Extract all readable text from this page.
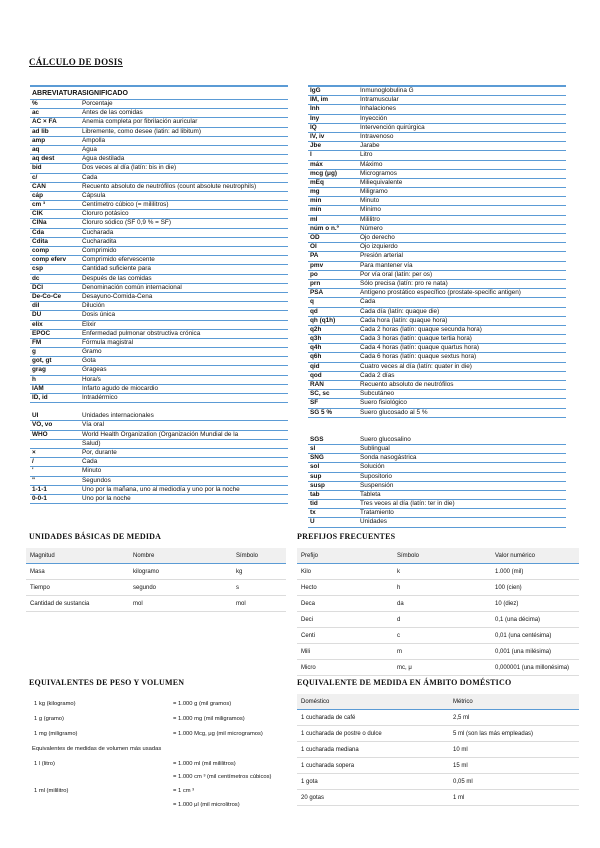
CÁLCULO DE DOSIS
ABREVIATURA SIGNIFICADO
%	Porcentaje
ac	Antes de las comidas
AC × FA	Anemia completa por fibrilación auricular
ad lib	Libremente, como desee (latin: ad libitum)
amp	Ampolla
aq	Agua
aq dest	Agua destilada
bid	Dos veces al día (latín: bis in die)
c/	Cada
CAN	Recuento absoluto de neutrófilos (count absolute neutrophils)
cáp	Cápsula
cm ³	Centímetro cúbico (= mililitros)
ClK	Cloruro potásico
ClNa	Cloruro sódico (SF 0,9 % = SF)
Cda	Cucharada
Cdita	Cucharadita
comp	Comprimido
comp eferv	Comprimido efervescente
csp	Cantidad suficiente para
dc	Después de las comidas
DCI	Denominación común internacional
De-Co-Ce	Desayuno-Comida-Cena
dil	Dilución
DU	Dosis única
elix	Elixir
EPOC	Enfermedad pulmonar obstructiva crónica
FM	Fórmula magistral
g	Gramo
got, gt	Gota
grag	Grageas
h	Hora/s
IAM	Infarto agudo de miocardio
ID, id	Intradérmico
UI	Unidades internacionales
VO, vo	Vía oral
WHO	World Health Organization (Organización Mundial de la
Salud)
×	Por, durante
/	Cada
'	Minuto
"	Segundos
1-1-1	Uno por la mañana, uno al mediodía y uno por la noche
0-0-1	Uno por la noche
IgG	Inmunoglobulina G
IM, im	Intramuscular
Inh	Inhalaciones
Iny	Inyección
IQ	Intervención quirúrgica
IV, iv	Intravenoso
Jbe	Jarabe
l	Litro
máx	Máximo
mcg (μg)	Microgramos
mEq	Miliequivalente
mg	Miligramo
min	Minuto
mín	Mínimo
ml	Mililitro
núm o n.º	Número
OD	Ojo derecho
OI	Ojo izquierdo
PA	Presión arterial
pmv	Para mantener vía
po	Por vía oral (latín: per os)
prn	Sólo precisa (latín: pro re nata)
PSA	Antígeno prostático específico (prostate-specific antigen)
q	Cada
qd	Cada día (latín: quaque die)
qh (q1h)	Cada hora (latín: quaque hora)
q2h	Cada 2 horas (latín: quaque secunda hora)
q3h	Cada 3 horas (latín: quaque tertia hora)
q4h	Cada 4 horas (latín: quaque quartus hora)
q6h	Cada 6 horas (latín: quaque sextus hora)
qid	Cuatro veces al día (latín: quater in die)
qod	Cada 2 días
RAN	Recuento absoluto de neutrófilos
SC, sc	Subcutáneo
SF	Suero fisiológico
SG 5 %	Suero glucosado al 5 %
SGS	Suero glucosalino
sl	Sublingual
SNG	Sonda nasogástrica
sol	Solución
sup	Supositorio
susp	Suspensión
tab	Tableta
tid	Tres veces al día (latín: ter in die)
tx	Tratamiento
U	Unidades
UNIDADES BÁSICAS DE MEDIDA
Magnitud	Nombre	Símbolo
Masa	kilogramo	kg
Tiempo	segundo	s
Cantidad de sustancia	mol	mol
PREFIJOS FRECUENTES
Prefijo	Símbolo	Valor numérico
Kilo	k	1.000 (mil)
Hecto	h	100 (cien)
Deca	da	10 (diez)
Deci	d	0,1 (una décima)
Centi	c	0,01 (una centésima)
Mili	m	0,001 (una milésima)
Micro	mc, μ	0,000001 (una millonésima)
EQUIVALENTES DE PESO Y VOLUMEN
1 kg (kilogramo)	= 1.000 g (mil gramos)
1 g (gramo)	= 1.000 mg (mil miligramos)
1 mg (miligramo)	= 1.000 Mcg, μg (mil microgramos)
Equivalentes de medidas de volumen más usadas
1 l (litro)	= 1.000 ml (mil mililitros)
= 1.000 cm ³ (mil centímetros cúbicos)
1 ml (mililitro)	= 1 cm ³
= 1.000 μl (mil microlitros)
EQUIVALENTE DE MEDIDA EN ÁMBITO DOMÉSTICO
Doméstico	Métrico
1 cucharada de café	2,5 ml
1 cucharada de postre o dulce	5 ml (son las más empleadas)
1 cucharada mediana	10 ml
1 cucharada sopera	15 ml
1 gota	0,05 ml
20 gotas	1 ml
